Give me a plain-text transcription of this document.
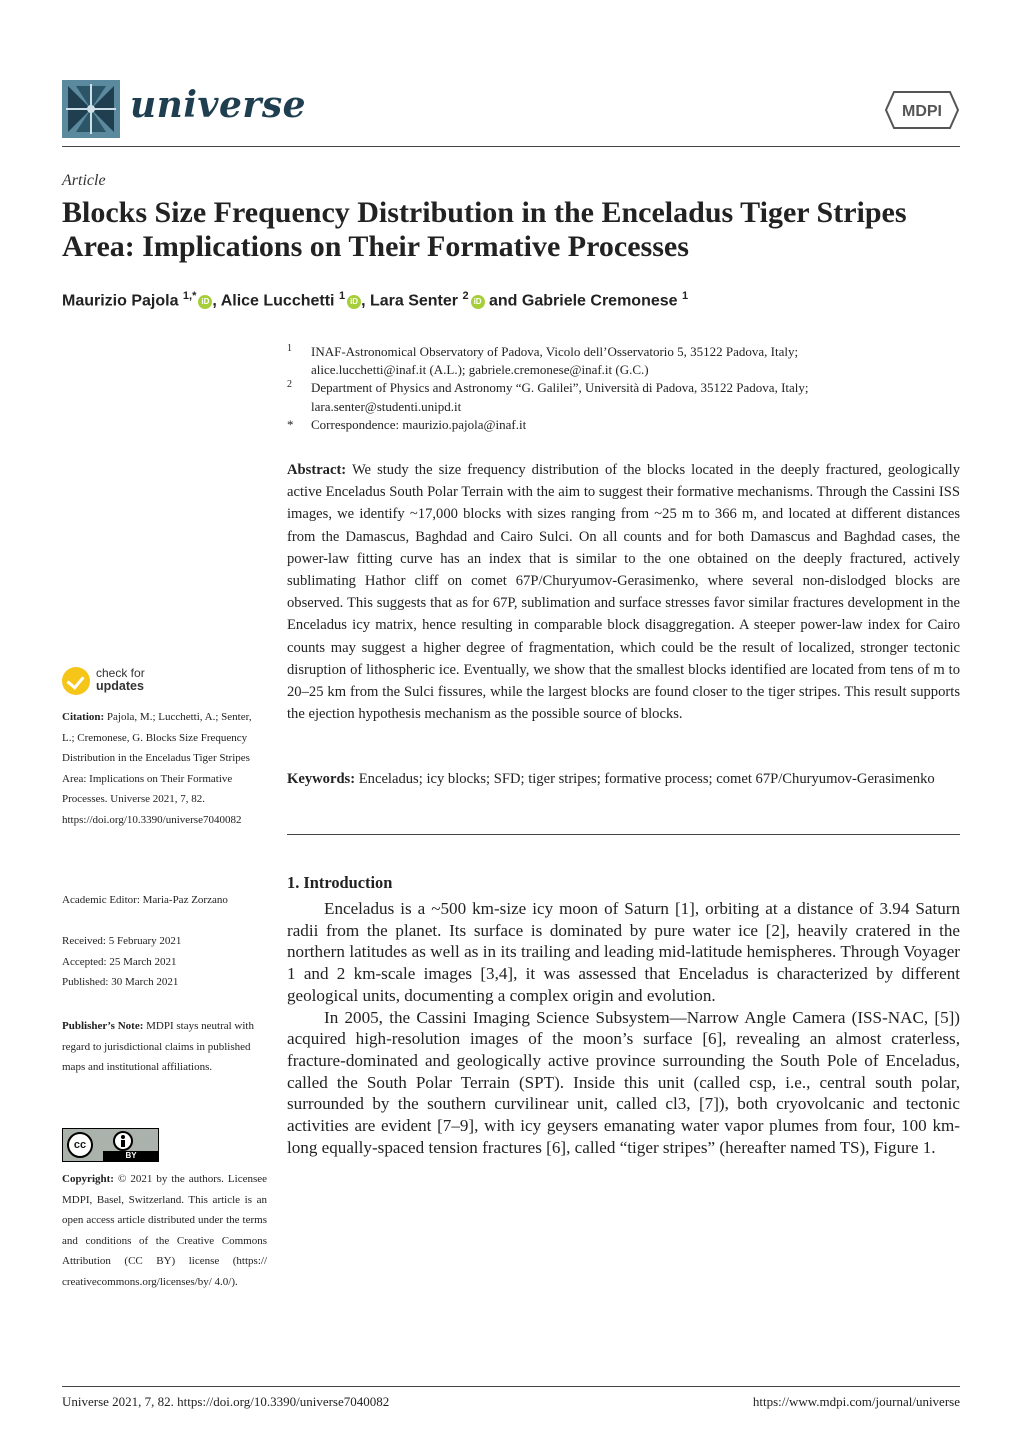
universe	MDPI
Article
Blocks Size Frequency Distribution in the Enceladus Tiger Stripes Area: Implications on Their Formative Processes
Maurizio Pajola $^{1,*}$ iD , Alice Lucchetti $^1$ iD , Lara Senter $^2$ iD and Gabriele Cremonese $^1$
1 INAF-Astronomical Observatory of Padova, Vicolo dell’Osservatorio 5, 35122 Padova, Italy;
alice.lucchetti@inaf.it (A.L.); gabriele.cremonese@inaf.it (G.C.)
2 Department of Physics and Astronomy “G. Galilei”, Università di Padova, 35122 Padova, Italy;
lara.senter@studenti.unipd.it
* Correspondence: maurizio.pajola@inaf.it
Abstract: We study the size frequency distribution of the blocks located in the deeply fractured, geologically active Enceladus South Polar Terrain with the aim to suggest their formative mechanisms. Through the Cassini ISS images, we identify ~17,000 blocks with sizes ranging from ~25 m to 366 m, and located at different distances from the Damascus, Baghdad and Cairo Sulci. On all counts and for both Damascus and Baghdad cases, the power-law fitting curve has an index that is similar to the one obtained on the deeply fractured, actively sublimating Hathor cliff on comet 67P/Churyumov-Gerasimenko, where several non-dislodged blocks are observed. This suggests that as for 67P, sublimation and surface stresses favor similar fractures development in the Enceladus icy matrix, hence resulting in comparable block disaggregation. A steeper power-law index for Cairo counts may suggest a higher degree of fragmentation, which could be the result of localized, stronger tectonic disruption of lithospheric ice. Eventually, we show that the smallest blocks identified are located from tens of m to 20–25 km from the Sulci fissures, while the largest blocks are found closer to the tiger stripes. This result supports the ejection hypothesis mechanism as the possible source of blocks.
Keywords: Enceladus; icy blocks; SFD; tiger stripes; formative process; comet 67P/Churyumov-Gerasimenko
1. Introduction

Enceladus is a ~500 km-size icy moon of Saturn [1], orbiting at a distance of 3.94 Saturn radii from the planet. Its surface is dominated by pure water ice [2], heavily cratered in the northern latitudes as well as in its trailing and leading mid-latitude hemispheres. Through Voyager 1 and 2 km-scale images [3,4], it was assessed that Enceladus is characterized by different geological units, documenting a complex origin and evolution.

In 2005, the Cassini Imaging Science Subsystem—Narrow Angle Camera (ISS-NAC, [5]) acquired high-resolution images of the moon’s surface [6], revealing an almost craterless, fracture-dominated and geologically active province surrounding the South Pole of Enceladus, called the South Polar Terrain (SPT). Inside this unit (called csp, i.e., central south polar, surrounded by the southern curvilinear unit, called cl3, [7]), both cryovolcanic and tectonic activities are evident [7–9], with icy geysers emanating water vapor plumes from four, 100 km-long equally-spaced tension fractures [6], called “tiger stripes” (hereafter named TS), Figure 1.

check for
updates
Citation: Pajola, M.; Lucchetti, A.; Senter, L.; Cremonese, G. Blocks Size Frequency Distribution in the Enceladus Tiger Stripes Area: Implications on Their Formative Processes. Universe 2021, 7, 82. https://doi.org/10.3390/universe7040082
Academic Editor: Maria-Paz Zorzano
Received: 5 February 2021
Accepted: 25 March 2021
Published: 30 March 2021
Publisher’s Note: MDPI stays neutral with regard to jurisdictional claims in published maps and institutional affiliations.
cc
BY
Copyright: © 2021 by the authors. Licensee MDPI, Basel, Switzerland. This article is an open access article distributed under the terms and conditions of the Creative Commons Attribution (CC BY) license (https:// creativecommons.org/licenses/by/ 4.0/).
Universe 2021, 7, 82. https://doi.org/10.3390/universe7040082	https://www.mdpi.com/journal/universe
